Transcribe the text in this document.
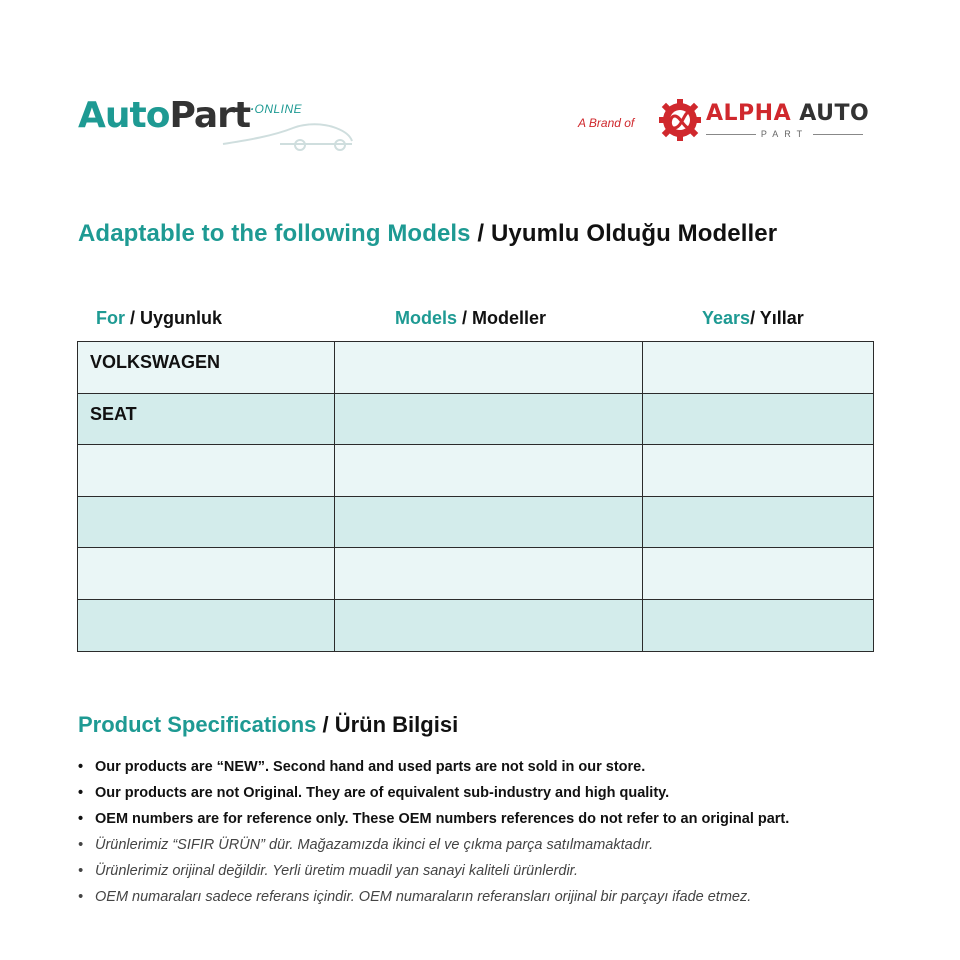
AutoPart ·ONLINE
A Brand of	ALPHA AUTO
PART
Adaptable to the following Models / Uyumlu Olduğu Modeller
For / Uygunluk	Models / Modeller	Years/ Yıllar
VOLKSWAGEN
SEAT
Product Specifications / Ürün Bilgisi
• Our products are “NEW”. Second hand and used parts are not sold in our store.
• Our products are not Original. They are of equivalent sub-industry and high quality.
• OEM numbers are for reference only. These OEM numbers references do not refer to an original part.
• Ürünlerimiz “SIFIR ÜRÜN” dür. Mağazamızda ikinci el ve çıkma parça satılmamaktadır.
• Ürünlerimiz orijinal değildir. Yerli üretim muadil yan sanayi kaliteli ürünlerdir.
• OEM numaraları sadece referans içindir. OEM numaraların referansları orijinal bir parçayı ifade etmez.
